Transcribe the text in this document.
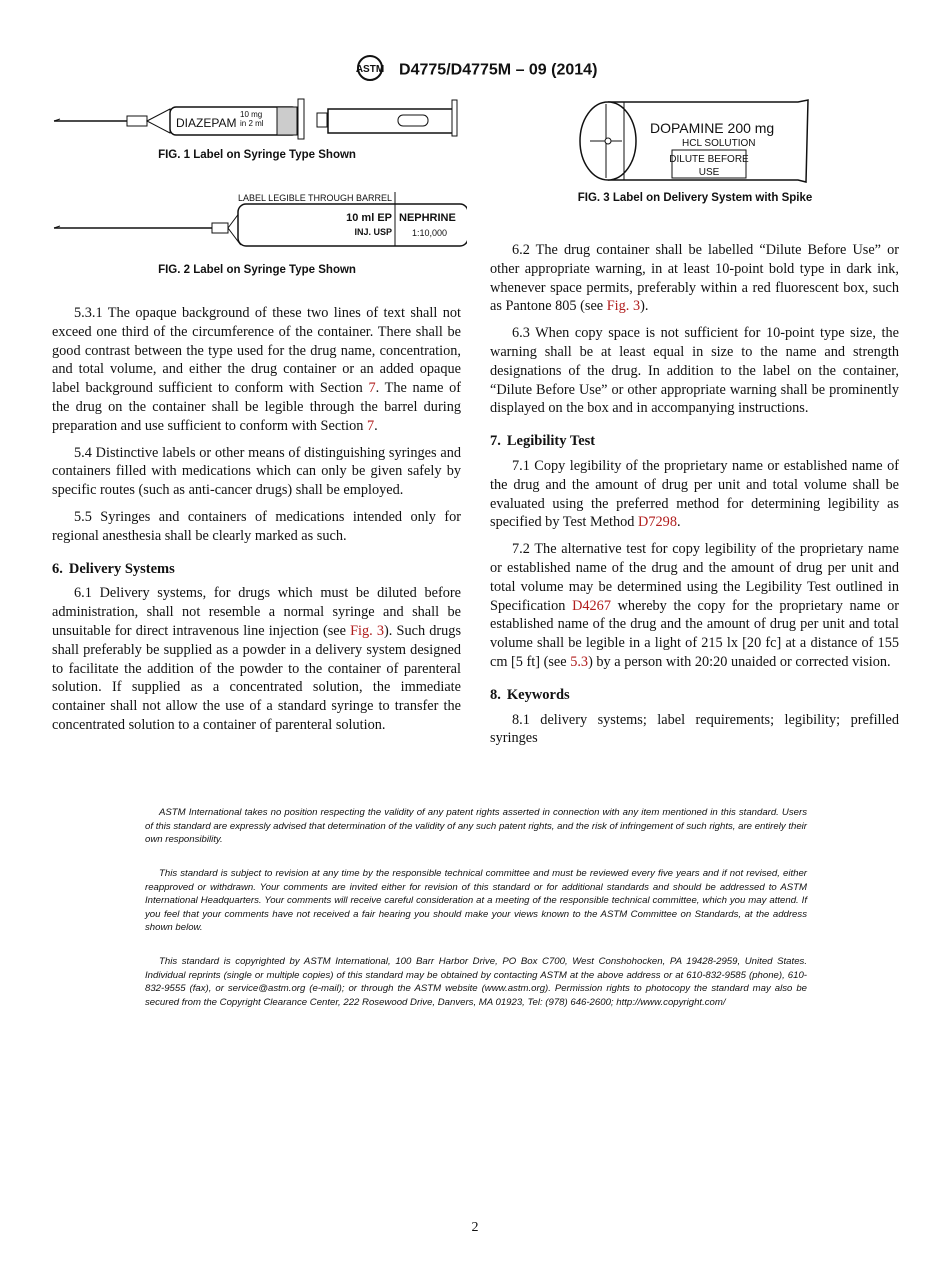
ASTM D4775/D4775M – 09 (2014)
DIAZEPAM
10 mg
in 2 ml
FIG. 1 Label on Syringe Type Shown
LABEL LEGIBLE THROUGH BARREL
10 ml EP NEPHRINE
INJ. USP 1:10,000
FIG. 2 Label on Syringe Type Shown
DOPAMINE 200 mg
HCL SOLUTION
DILUTE BEFORE
USE
FIG. 3 Label on Delivery System with Spike

5.3.1 The opaque background of these two lines of text shall not exceed one third of the circumference of the container. There shall be good contrast between the type used for the drug name, concentration, and total volume, and either the drug container or an added opaque label background sufficient to conform with Section 7. The name of the drug on the container shall be legible through the barrel during preparation and use sufficient to conform with Section 7.

5.4 Distinctive labels or other means of distinguishing syringes and containers filled with medications which can only be given safely by specific routes (such as anti-cancer drugs) shall be employed.

5.5 Syringes and containers of medications intended only for regional anesthesia shall be clearly marked as such.

6. Delivery Systems

6.1 Delivery systems, for drugs which must be diluted before administration, shall not resemble a normal syringe and shall be unsuitable for direct intravenous line injection (see Fig. 3). Such drugs shall preferably be supplied as a powder in a delivery system designed to facilitate the addition of the powder to the container of parenteral solution. If supplied as a concentrated solution, the immediate container shall not allow the use of a standard syringe to transfer the concentrated solution to a container of parenteral solution.

6.2 The drug container shall be labelled “Dilute Before Use” or other appropriate warning, in at least 10-point bold type in dark ink, whenever space permits, preferably within a red fluorescent box, such as Pantone 805 (see Fig. 3).

6.3 When copy space is not sufficient for 10-point type size, the warning shall be at least equal in size to the name and strength designations of the drug. In addition to the label on the container, “Dilute Before Use” or other appropriate warning shall be prominently displayed on the box and in accompanying instructions.

7. Legibility Test

7.1 Copy legibility of the proprietary name or established name of the drug and the amount of drug per unit and total volume shall be evaluated using the preferred method for determining legibility as specified by Test Method D7298.

7.2 The alternative test for copy legibility of the proprietary name or established name of the drug and the amount of drug per unit and total volume may be determined using the Legibility Test outlined in Specification D4267 whereby the copy for the proprietary name or established name of the drug and the amount of drug per unit and total volume shall be legible in a light of 215 lx [20 fc] at a distance of 155 cm [5 ft] (see 5.3) by a person with 20:20 unaided or corrected vision.

8. Keywords

8.1 delivery systems; label requirements; legibility; prefilled syringes

ASTM International takes no position respecting the validity of any patent rights asserted in connection with any item mentioned in this standard. Users of this standard are expressly advised that determination of the validity of any such patent rights, and the risk of infringement of such rights, are entirely their own responsibility.

This standard is subject to revision at any time by the responsible technical committee and must be reviewed every five years and if not revised, either reapproved or withdrawn. Your comments are invited either for revision of this standard or for additional standards and should be addressed to ASTM International Headquarters. Your comments will receive careful consideration at a meeting of the responsible technical committee, which you may attend. If you feel that your comments have not received a fair hearing you should make your views known to the ASTM Committee on Standards, at the address shown below.

This standard is copyrighted by ASTM International, 100 Barr Harbor Drive, PO Box C700, West Conshohocken, PA 19428-2959, United States. Individual reprints (single or multiple copies) of this standard may be obtained by contacting ASTM at the above address or at 610-832-9585 (phone), 610-832-9555 (fax), or service@astm.org (e-mail); or through the ASTM website (www.astm.org). Permission rights to photocopy the standard may also be secured from the Copyright Clearance Center, 222 Rosewood Drive, Danvers, MA 01923, Tel: (978) 646-2600; http://www.copyright.com/

2
